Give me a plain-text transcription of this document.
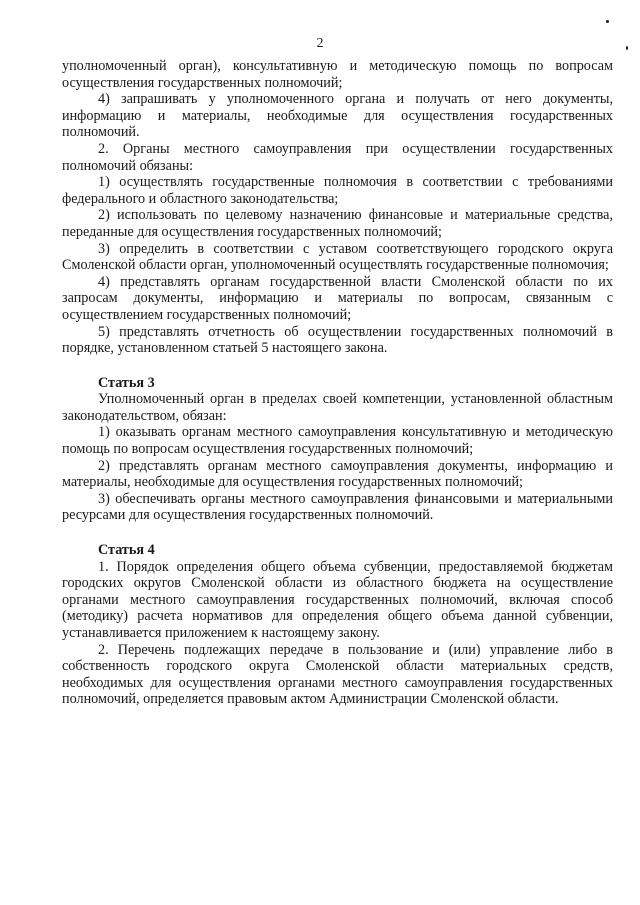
2

уполномоченный орган), консультативную и методическую помощь по вопросам осуществления государственных полномочий;

4) запрашивать у уполномоченного органа и получать от него документы, информацию и материалы, необходимые для осуществления государственных полномочий.

2. Органы местного самоуправления при осуществлении государственных полномочий обязаны:

1) осуществлять государственные полномочия в соответствии с требованиями федерального и областного законодательства;

2) использовать по целевому назначению финансовые и материальные средства, переданные для осуществления государственных полномочий;

3) определить в соответствии с уставом соответствующего городского округа Смоленской области орган, уполномоченный осуществлять государственные полномочия;

4) представлять органам государственной власти Смоленской области по их запросам документы, информацию и материалы по вопросам, связанным с осуществлением государственных полномочий;

5) представлять отчетность об осуществлении государственных полномочий в порядке, установленном статьей 5 настоящего закона.

Статья 3

Уполномоченный орган в пределах своей компетенции, установленной областным законодательством, обязан:

1) оказывать органам местного самоуправления консультативную и методическую помощь по вопросам осуществления государственных полномочий;

2) представлять органам местного самоуправления документы, информацию и материалы, необходимые для осуществления государственных полномочий;

3) обеспечивать органы местного самоуправления финансовыми и материальными ресурсами для осуществления государственных полномочий.

Статья 4

1. Порядок определения общего объема субвенции, предоставляемой бюджетам городских округов Смоленской области из областного бюджета на осуществление органами местного самоуправления государственных полномочий, включая способ (методику) расчета нормативов для определения общего объема данной субвенции, устанавливается приложением к настоящему закону.

2. Перечень подлежащих передаче в пользование и (или) управление либо в собственность городского округа Смоленской области материальных средств, необходимых для осуществления органами местного самоуправления государственных полномочий, определяется правовым актом Администрации Смоленской области.
